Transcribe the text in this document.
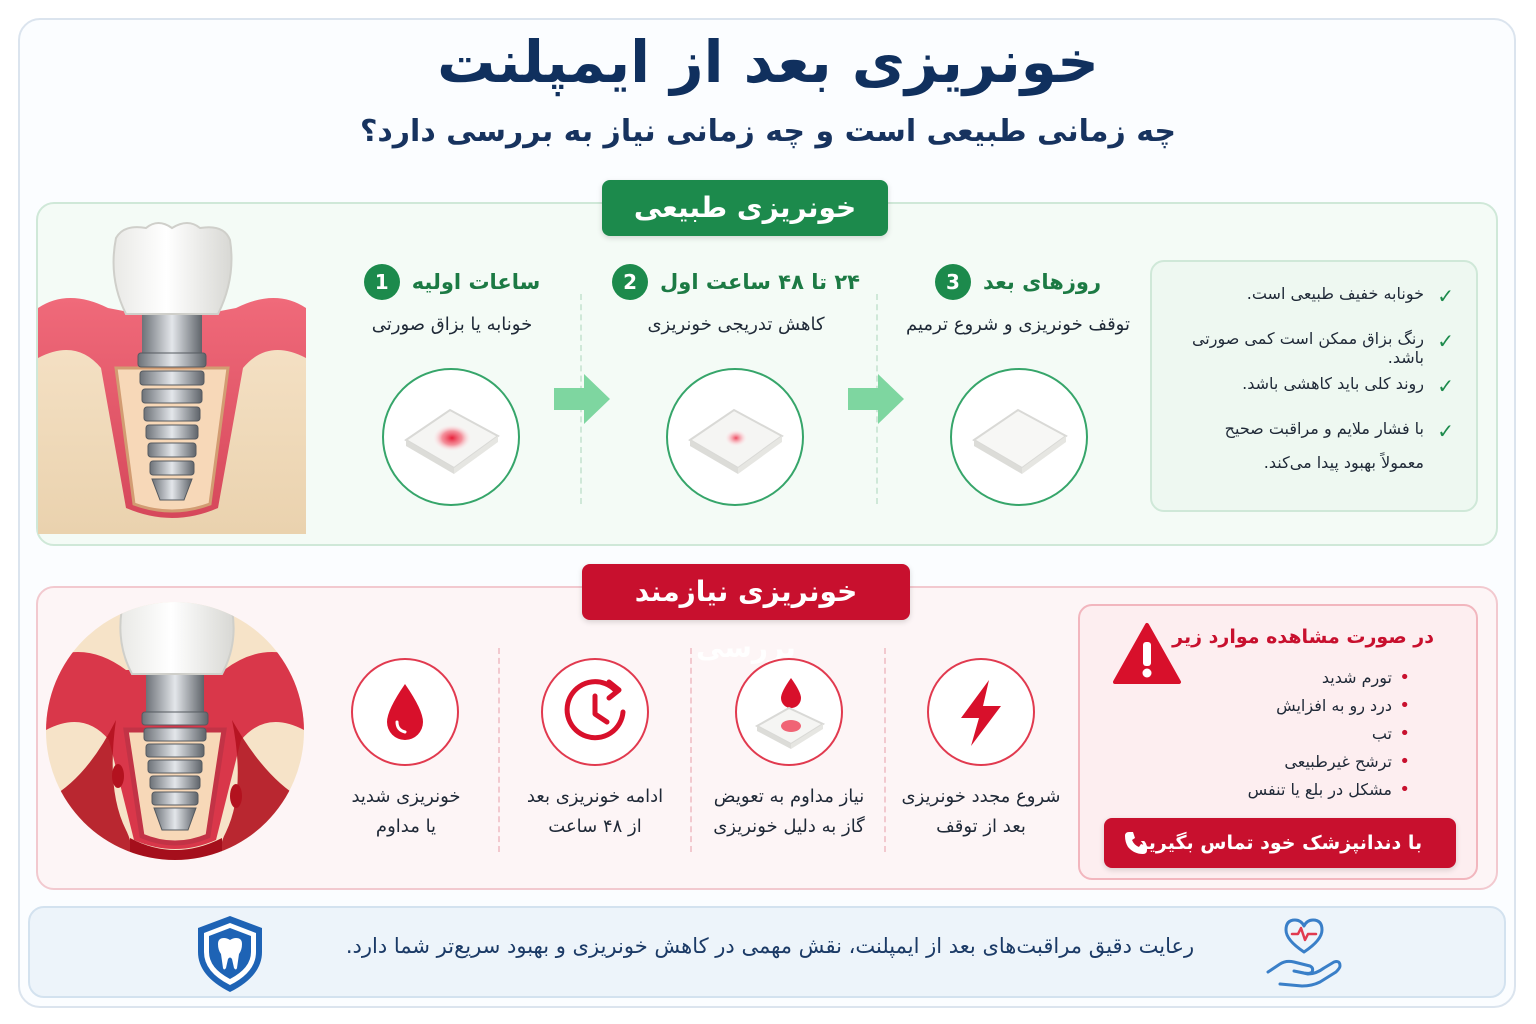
خونریزی بعد از ایمپلنت
چه زمانی طبیعی است و چه زمانی نیاز به بررسی دارد؟
خونریزی طبیعی
ساعات اولیه
1
خونابه یا بزاق صورتی
۲۴ تا ۴۸ ساعت اول
2
کاهش تدریجی خونریزی
روزهای بعد
3
توقف خونریزی و شروع ترمیم
✓
خونابه خفیف طبیعی است.
✓
رنگ بزاق ممکن است کمی صورتی باشد.
✓
روند کلی باید کاهشی باشد.
✓
با فشار ملایم و مراقبت صحیح
معمولاً بهبود پیدا می‌کند.
خونریزی نیازمند بررسی
خونریزی شدید
یا مداوم
ادامه خونریزی بعد
از ۴۸ ساعت
نیاز مداوم به تعویض
گاز به دلیل خونریزی
شروع مجدد خونریزی
بعد از توقف
در صورت مشاهده موارد زیر
• تورم شدید
• درد رو به افزایش
• تب
• ترشح غیرطبیعی
• مشکل در بلع یا تنفس
با دندانپزشک خود تماس بگیرید
رعایت دقیق مراقبت‌های بعد از ایمپلنت، نقش مهمی در کاهش خونریزی و بهبود سریع‌تر شما دارد.
